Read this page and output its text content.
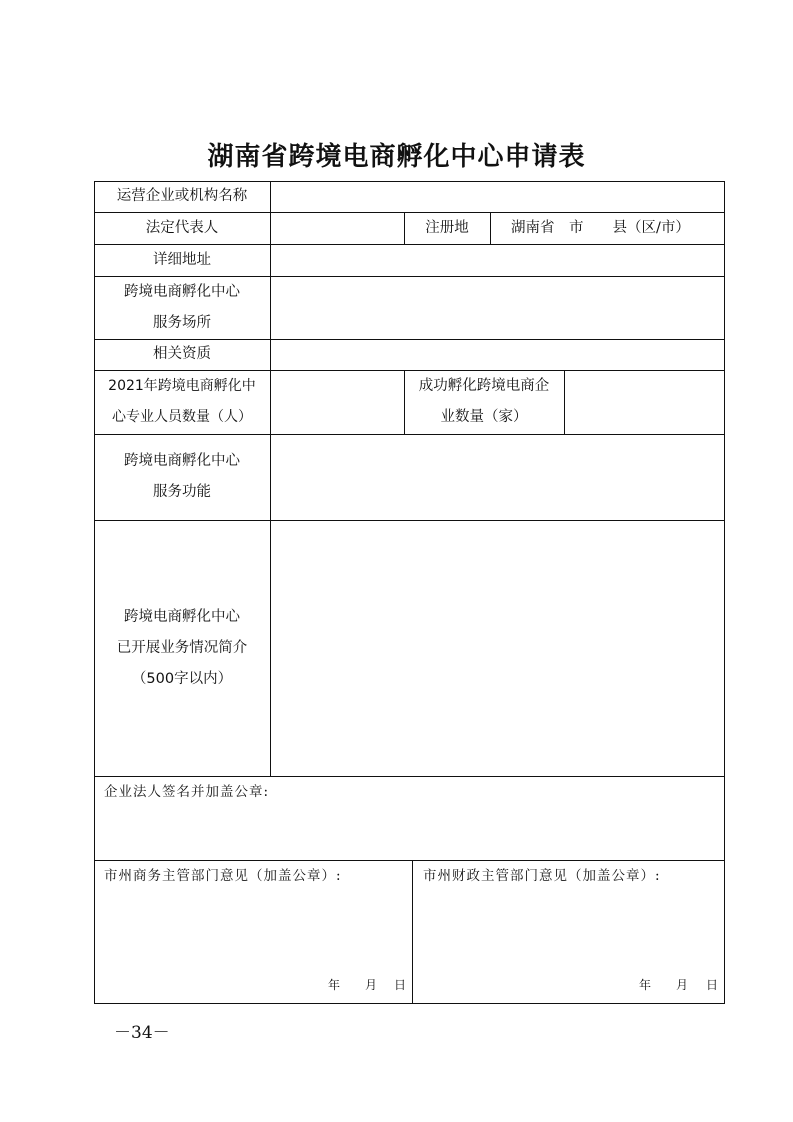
湖南省跨境电商孵化中心申请表
运营企业或机构名称
法定代表人	注册地	湖南省　市　　县（区/市）
详细地址
跨境电商孵化中心
服务场所
相关资质
2021年跨境电商孵化中
心专业人员数量（人）
成功孵化跨境电商企
业数量（家）
跨境电商孵化中心
服务功能
跨境电商孵化中心
已开展业务情况简介
（500字以内）
企业法人签名并加盖公章:
市州商务主管部门意见（加盖公章）:
年 月 日
市州财政主管部门意见（加盖公章）:
年 月 日
－34－
